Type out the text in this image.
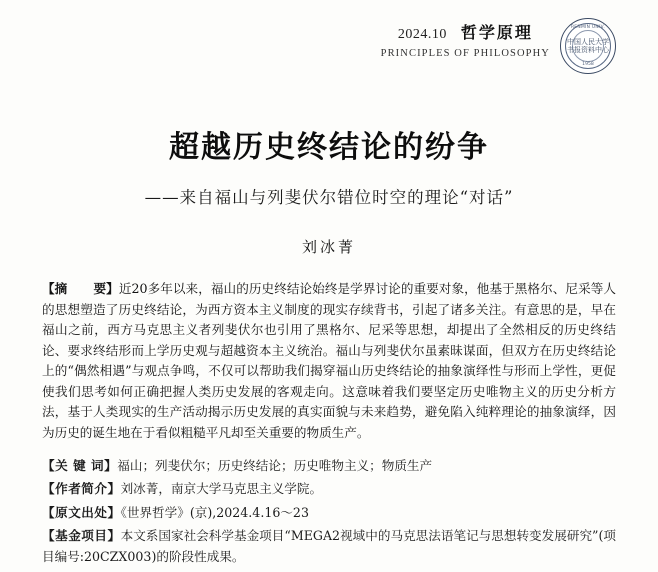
2024.10 哲学原理
PRINCIPLES OF PHILOSOPHY
RENMIN UNIV.
中国人民大学
书报资料中心
1958
超越历史终结论的纷争
——来自福山与列斐伏尔错位时空的理论“对话”
刘冰菁

【摘 要】近20多年以来，福山的历史终结论始终是学界讨论的重要对象，他基于黑格尔、尼采等人的思想塑造了历史终结论，为西方资本主义制度的现实存续背书，引起了诸多关注。有意思的是，早在福山之前，西方马克思主义者列斐伏尔也引用了黑格尔、尼采等思想，却提出了全然相反的历史终结论、要求终结形而上学历史观与超越资本主义统治。福山与列斐伏尔虽素昧谋面，但双方在历史终结论上的“偶然相遇”与观点争鸣，不仅可以帮助我们揭穿福山历史终结论的抽象演绎性与形而上学性，更促使我们思考如何正确把握人类历史发展的客观走向。这意味着我们要坚定历史唯物主义的历史分析方法，基于人类现实的生产活动揭示历史发展的真实面貌与未来趋势，避免陷入纯粹理论的抽象演绎，因为历史的诞生地在于看似粗糙平凡却至关重要的物质生产。

【关 键 词】福山；列斐伏尔；历史终结论；历史唯物主义；物质生产
【作者简介】刘冰菁，南京大学马克思主义学院。
【原文出处】《世界哲学》(京),2024.4.16～23
【基金项目】本文系国家社会科学基金项目“MEGA2视域中的马克思法语笔记与思想转变发展研究”(项目编号:20CZX003)的阶段性成果。
